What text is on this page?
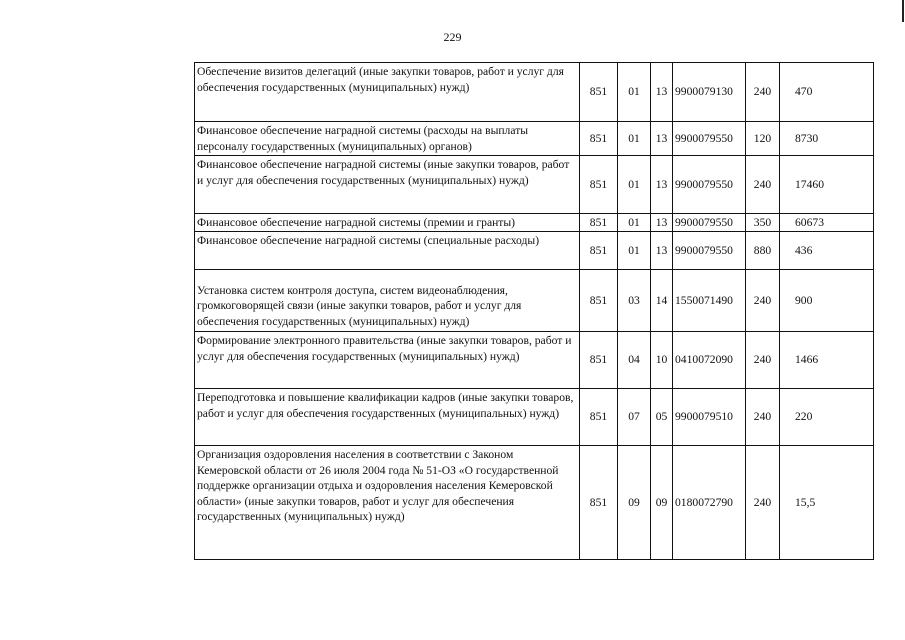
229
Обеспечение визитов делегаций (иные закупки товаров, работ и услуг для обеспечения государственных (муниципальных) нужд)	851	01	13	9900079130	240	470
Финансовое обеспечение наградной системы (расходы на выплаты персоналу государственных (муниципальных) органов)	851	01	13	9900079550	120	8730
Финансовое обеспечение наградной системы (иные закупки товаров, работ и услуг для обеспечения государственных (муниципальных) нужд)	851	01	13	9900079550	240	17460
Финансовое обеспечение наградной системы (премии и гранты)	851	01	13	9900079550	350	60673
Финансовое обеспечение наградной системы (специальные расходы)	851	01	13	9900079550	880	436
Установка систем контроля доступа, систем видеонаблюдения, громкоговорящей связи (иные закупки товаров, работ и услуг для обеспечения государственных (муниципальных) нужд)	851	03	14	1550071490	240	900
Формирование электронного правительства (иные закупки товаров, работ и услуг для обеспечения государственных (муниципальных) нужд)	851	04	10	0410072090	240	1466
Переподготовка и повышение квалификации кадров (иные закупки товаров, работ и услуг для обеспечения государственных (муниципальных) нужд)	851	07	05	9900079510	240	220
Организация оздоровления населения в соответствии с Законом Кемеровской области от 26 июля 2004 года № 51-ОЗ «О государственной поддержке организации отдыха и оздоровления населения Кемеровской области» (иные закупки товаров, работ и услуг для обеспечения государственных (муниципальных) нужд)	851	09	09	0180072790	240	15,5
